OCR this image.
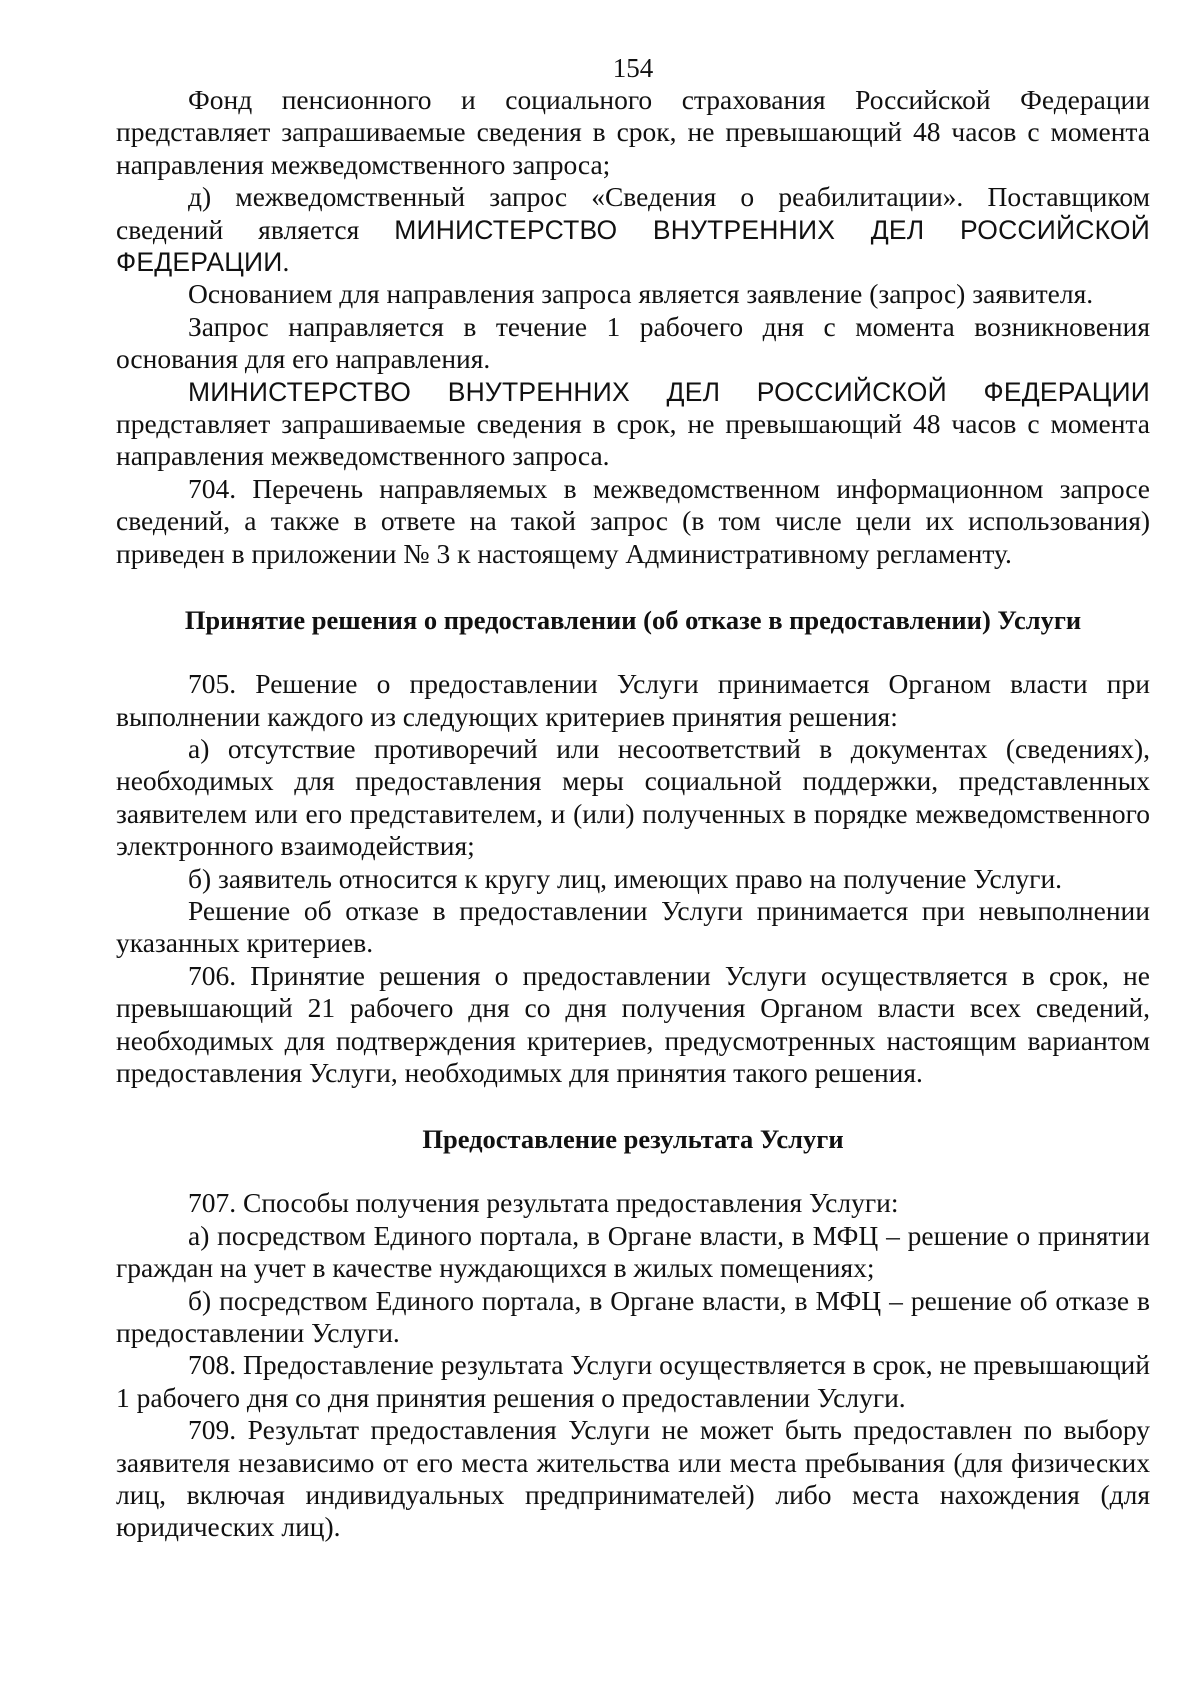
154

Фонд пенсионного и социального страхования Российской Федерации представляет запрашиваемые сведения в срок, не превышающий 48 часов с момента направления межведомственного запроса;

д) межведомственный запрос «Сведения о реабилитации». Поставщиком сведений является МИНИСТЕРСТВО ВНУТРЕННИХ ДЕЛ РОССИЙСКОЙ ФЕДЕРАЦИИ.

Основанием для направления запроса является заявление (запрос) заявителя.

Запрос направляется в течение 1 рабочего дня с момента возникновения основания для его направления.

МИНИСТЕРСТВО ВНУТРЕННИХ ДЕЛ РОССИЙСКОЙ ФЕДЕРАЦИИ представляет запрашиваемые сведения в срок, не превышающий 48 часов с момента направления межведомственного запроса.

704. Перечень направляемых в межведомственном информационном запросе сведений, а также в ответе на такой запрос (в том числе цели их использования) приведен в приложении № 3 к настоящему Административному регламенту.

Принятие решения о предоставлении (об отказе в предоставлении) Услуги

705. Решение о предоставлении Услуги принимается Органом власти при выполнении каждого из следующих критериев принятия решения:

а) отсутствие противоречий или несоответствий в документах (сведениях), необходимых для предоставления меры социальной поддержки, представленных заявителем или его представителем, и (или) полученных в порядке межведомственного электронного взаимодействия;

б) заявитель относится к кругу лиц, имеющих право на получение Услуги.

Решение об отказе в предоставлении Услуги принимается при невыполнении указанных критериев.

706. Принятие решения о предоставлении Услуги осуществляется в срок, не превышающий 21 рабочего дня со дня получения Органом власти всех сведений, необходимых для подтверждения критериев, предусмотренных настоящим вариантом предоставления Услуги, необходимых для принятия такого решения.

Предоставление результата Услуги

707. Способы получения результата предоставления Услуги:

а) посредством Единого портала, в Органе власти, в МФЦ – решение о принятии граждан на учет в качестве нуждающихся в жилых помещениях;

б) посредством Единого портала, в Органе власти, в МФЦ – решение об отказе в предоставлении Услуги.

708. Предоставление результата Услуги осуществляется в срок, не превышающий 1 рабочего дня со дня принятия решения о предоставлении Услуги.

709. Результат предоставления Услуги не может быть предоставлен по выбору заявителя независимо от его места жительства или места пребывания (для физических лиц, включая индивидуальных предпринимателей) либо места нахождения (для юридических лиц).
